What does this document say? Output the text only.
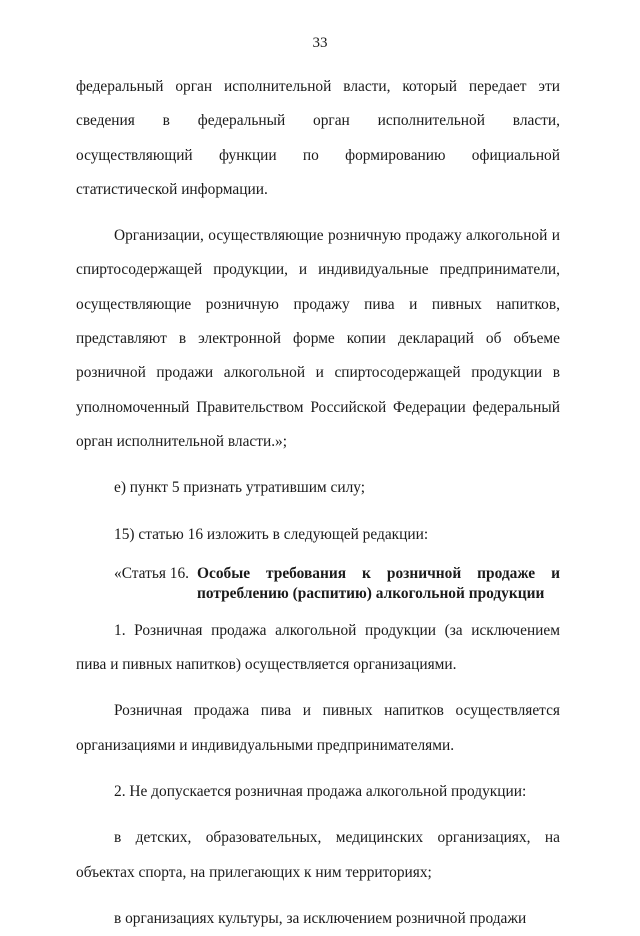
33

федеральный орган исполнительной власти, который передает эти сведения в федеральный орган исполнительной власти, осуществляющий функции по формированию официальной статистической информации.

Организации, осуществляющие розничную продажу алкогольной и спиртосодержащей продукции, и индивидуальные предприниматели, осуществляющие розничную продажу пива и пивных напитков, представляют в электронной форме копии деклараций об объеме розничной продажи алкогольной и спиртосодержащей продукции в уполномоченный Правительством Российской Федерации федеральный орган исполнительной власти.»;

е) пункт 5 признать утратившим силу;

15) статью 16 изложить в следующей редакции:

«Статья 16. Особые требования к розничной продаже и потреблению (распитию) алкогольной продукции

1. Розничная продажа алкогольной продукции (за исключением пива и пивных напитков) осуществляется организациями.

Розничная продажа пива и пивных напитков осуществляется организациями и индивидуальными предпринимателями.

2. Не допускается розничная продажа алкогольной продукции:

в детских, образовательных, медицинских организациях, на объектах спорта, на прилегающих к ним территориях;

в организациях культуры, за исключением розничной продажи
